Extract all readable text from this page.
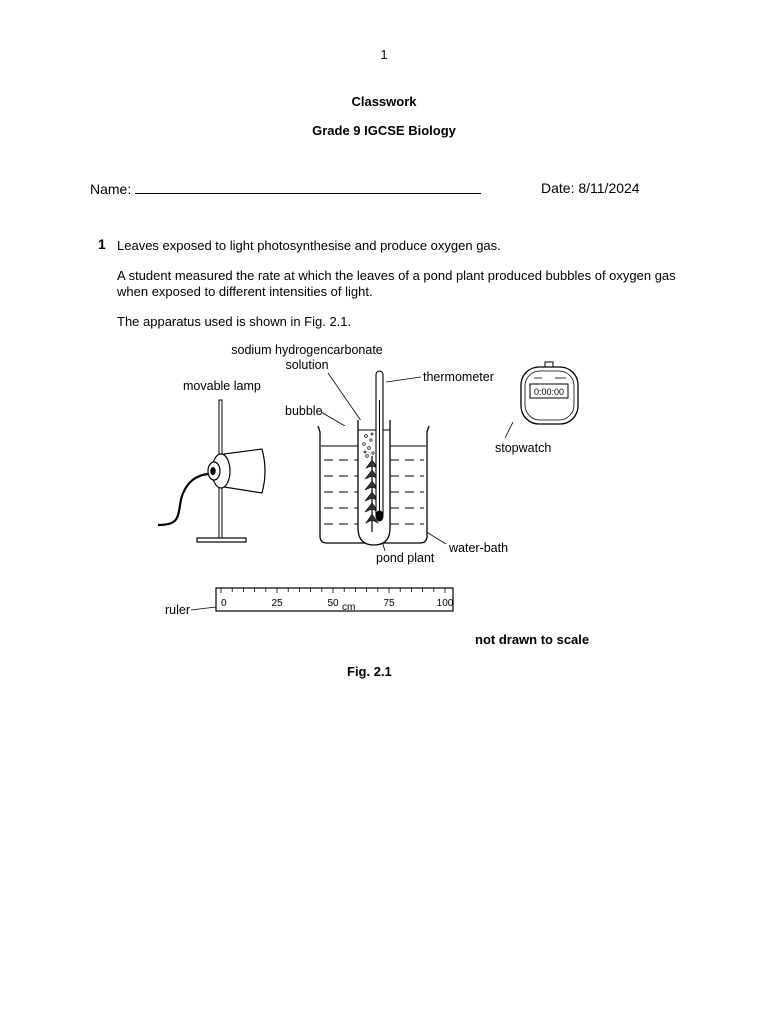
1
Classwork
Grade 9 IGCSE Biology
Name:	Date: 8/11/2024
1 Leaves exposed to light photosynthesise and produce oxygen gas.
A student measured the rate at which the leaves of a pond plant produced bubbles of oxygen gas
when exposed to different intensities of light.
The apparatus used is shown in Fig. 2.1.
sodium hydrogencarbonate
solution
thermometer
movable lamp
bubble
stopwatch
pond plant
water-bath
ruler
0:00:00
0	25	50	75	100
cm
not drawn to scale
Fig. 2.1
